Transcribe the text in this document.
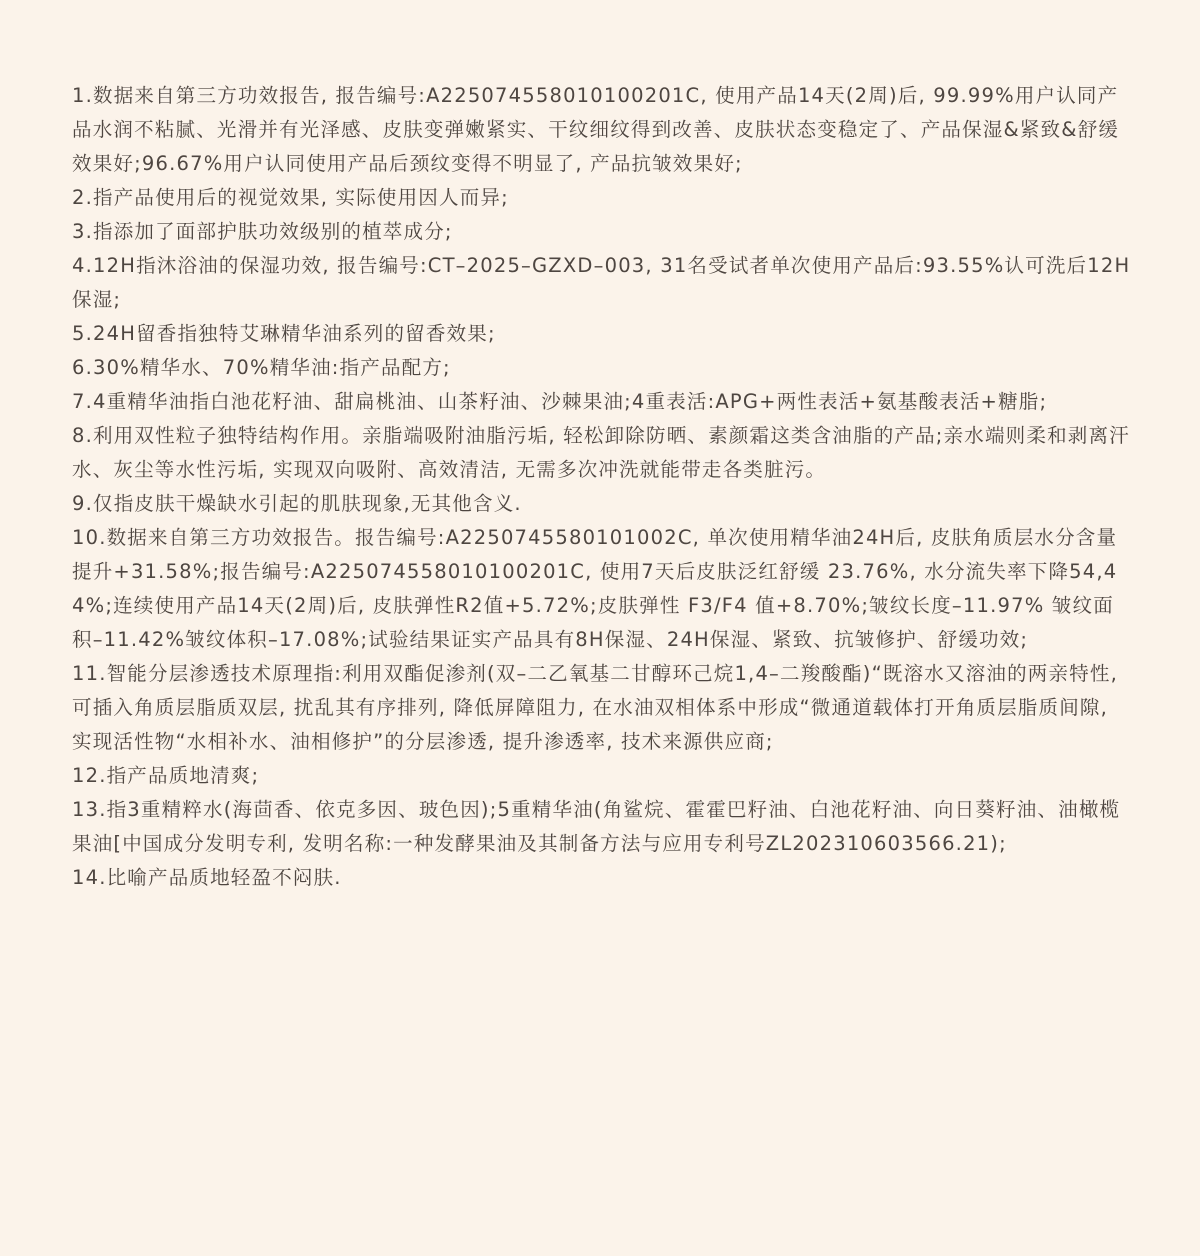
1.数据来自第三方功效报告, 报告编号:A225074558010100201C, 使用产品14天(2周)后, 99.99%用户认同产品水润不粘腻、光滑并有光泽感、皮肤变弹嫩紧实、干纹细纹得到改善、皮肤状态变稳定了、产品保湿&紧致&舒缓效果好;96.67%用户认同使用产品后颈纹变得不明显了, 产品抗皱效果好;
2.指产品使用后的视觉效果, 实际使用因人而异;
3.指添加了面部护肤功效级别的植萃成分;
4.12H指沐浴油的保湿功效, 报告编号:CT–2025–GZXD–003, 31名受试者单次使用产品后:93.55%认可洗后12H保湿;
5.24H留香指独特艾琳精华油系列的留香效果;
6.30%精华水、70%精华油:指产品配方;
7.4重精华油指白池花籽油、甜扁桃油、山茶籽油、沙棘果油;4重表活:APG+两性表活+氨基酸表活+糖脂;
8.利用双性粒子独特结构作用。亲脂端吸附油脂污垢, 轻松卸除防晒、素颜霜这类含油脂的产品;亲水端则柔和剥离汗水、灰尘等水性污垢, 实现双向吸附、高效清洁, 无需多次冲洗就能带走各类脏污。
9.仅指皮肤干燥缺水引起的肌肤现象,无其他含义.
10.数据来自第三方功效报告。报告编号:A2250745580101002C, 单次使用精华油24H后, 皮肤角质层水分含量提升+31.58%;报告编号:A225074558010100201C, 使用7天后皮肤泛红舒缓 23.76%, 水分流失率下降54,44%;连续使用产品14天(2周)后, 皮肤弹性R2值+5.72%;皮肤弹性 F3/F4 值+8.70%;皱纹长度–11.97% 皱纹面积–11.42%皱纹体积–17.08%;试验结果证实产品具有8H保湿、24H保湿、紧致、抗皱修护、舒缓功效;
11.智能分层渗透技术原理指:利用双酯促渗剂(双–二乙氧基二甘醇环己烷1,4–二羧酸酯)“既溶水又溶油的两亲特性, 可插入角质层脂质双层, 扰乱其有序排列, 降低屏障阻力, 在水油双相体系中形成“微通道载体打开角质层脂质间隙, 实现活性物“水相补水、油相修护”的分层渗透, 提升渗透率, 技术来源供应商;
12.指产品质地清爽;
13.指3重精粹水(海茴香、依克多因、玻色因);5重精华油(角鲨烷、霍霍巴籽油、白池花籽油、向日葵籽油、油橄榄果油[中国成分发明专利, 发明名称:一种发酵果油及其制备方法与应用专利号ZL202310603566.21);
14.比喻产品质地轻盈不闷肤.
